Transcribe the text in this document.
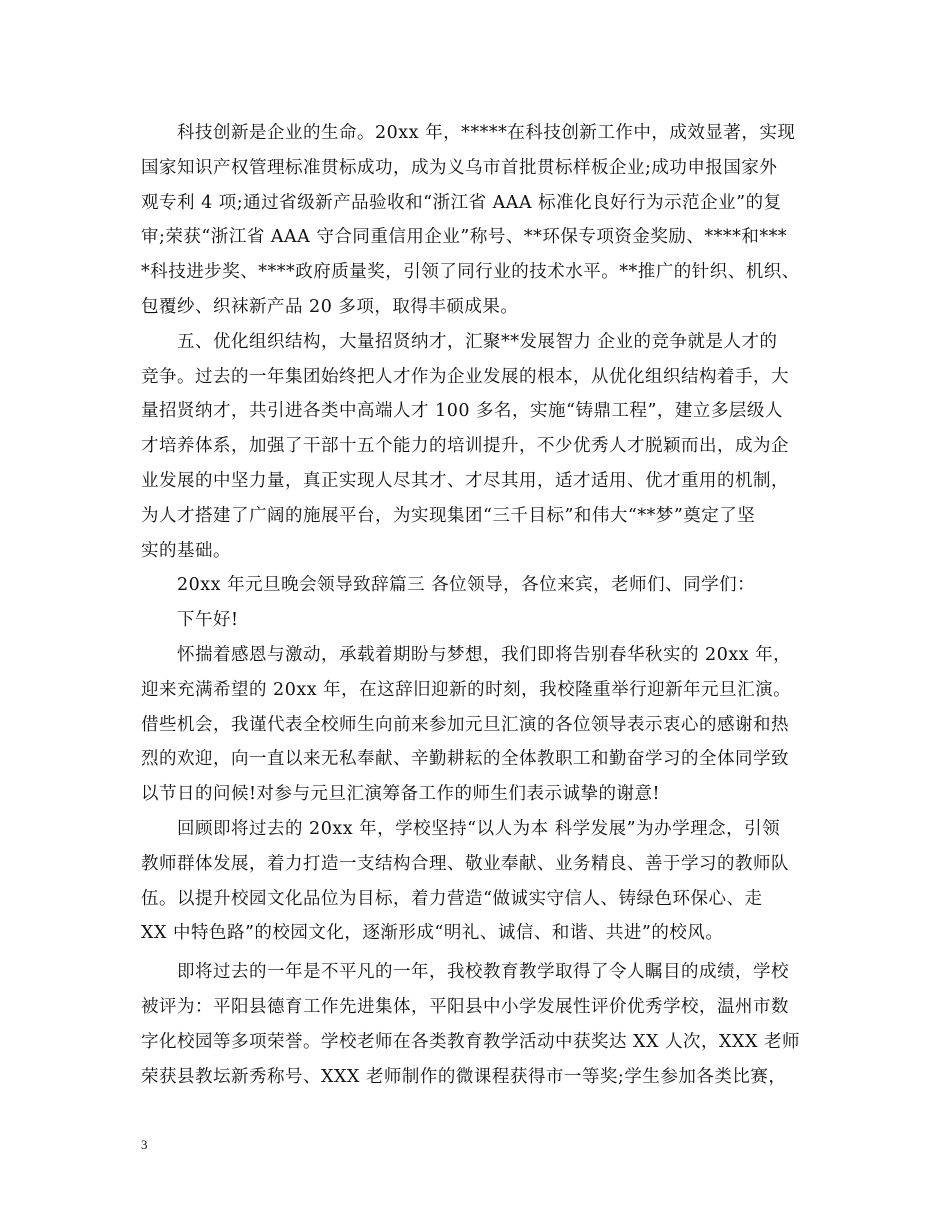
科技创新是企业的生命。20xx 年，*****在科技创新工作中，成效显著，实现
国家知识产权管理标准贯标成功，成为义乌市首批贯标样板企业;成功申报国家外
观专利 4 项;通过省级新产品验收和“浙江省 AAA 标准化良好行为示范企业”的复
审;荣获“浙江省 AAA 守合同重信用企业”称号、**环保专项资金奖励、****和***
*科技进步奖、****政府质量奖，引领了同行业的技术水平。**推广的针织、机织、
包覆纱、织袜新产品 20 多项，取得丰硕成果。
五、优化组织结构，大量招贤纳才，汇聚**发展智力 企业的竞争就是人才的
竞争。过去的一年集团始终把人才作为企业发展的根本，从优化组织结构着手，大
量招贤纳才，共引进各类中高端人才 100 多名，实施“铸鼎工程”，建立多层级人
才培养体系，加强了干部十五个能力的培训提升，不少优秀人才脱颖而出，成为企
业发展的中坚力量，真正实现人尽其才、才尽其用，适才适用、优才重用的机制，
为人才搭建了广阔的施展平台，为实现集团“三千目标”和伟大“**梦”奠定了坚
实的基础。
20xx 年元旦晚会领导致辞篇三 各位领导，各位来宾，老师们、同学们：
下午好!
怀揣着感恩与激动，承载着期盼与梦想，我们即将告别春华秋实的 20xx 年，
迎来充满希望的 20xx 年，在这辞旧迎新的时刻，我校隆重举行迎新年元旦汇演。
借些机会，我谨代表全校师生向前来参加元旦汇演的各位领导表示衷心的感谢和热
烈的欢迎，向一直以来无私奉献、辛勤耕耘的全体教职工和勤奋学习的全体同学致
以节日的问候!对参与元旦汇演筹备工作的师生们表示诚挚的谢意!
回顾即将过去的 20xx 年，学校坚持“以人为本 科学发展”为办学理念，引领
教师群体发展，着力打造一支结构合理、敬业奉献、业务精良、善于学习的教师队
伍。以提升校园文化品位为目标，着力营造“做诚实守信人、铸绿色环保心、走
XX 中特色路”的校园文化，逐渐形成“明礼、诚信、和谐、共进”的校风。
即将过去的一年是不平凡的一年，我校教育教学取得了令人瞩目的成绩，学校
被评为：平阳县德育工作先进集体，平阳县中小学发展性评价优秀学校，温州市数
字化校园等多项荣誉。学校老师在各类教育教学活动中获奖达 XX 人次，XXX 老师
荣获县教坛新秀称号、XXX 老师制作的微课程获得市一等奖;学生参加各类比赛，
3
